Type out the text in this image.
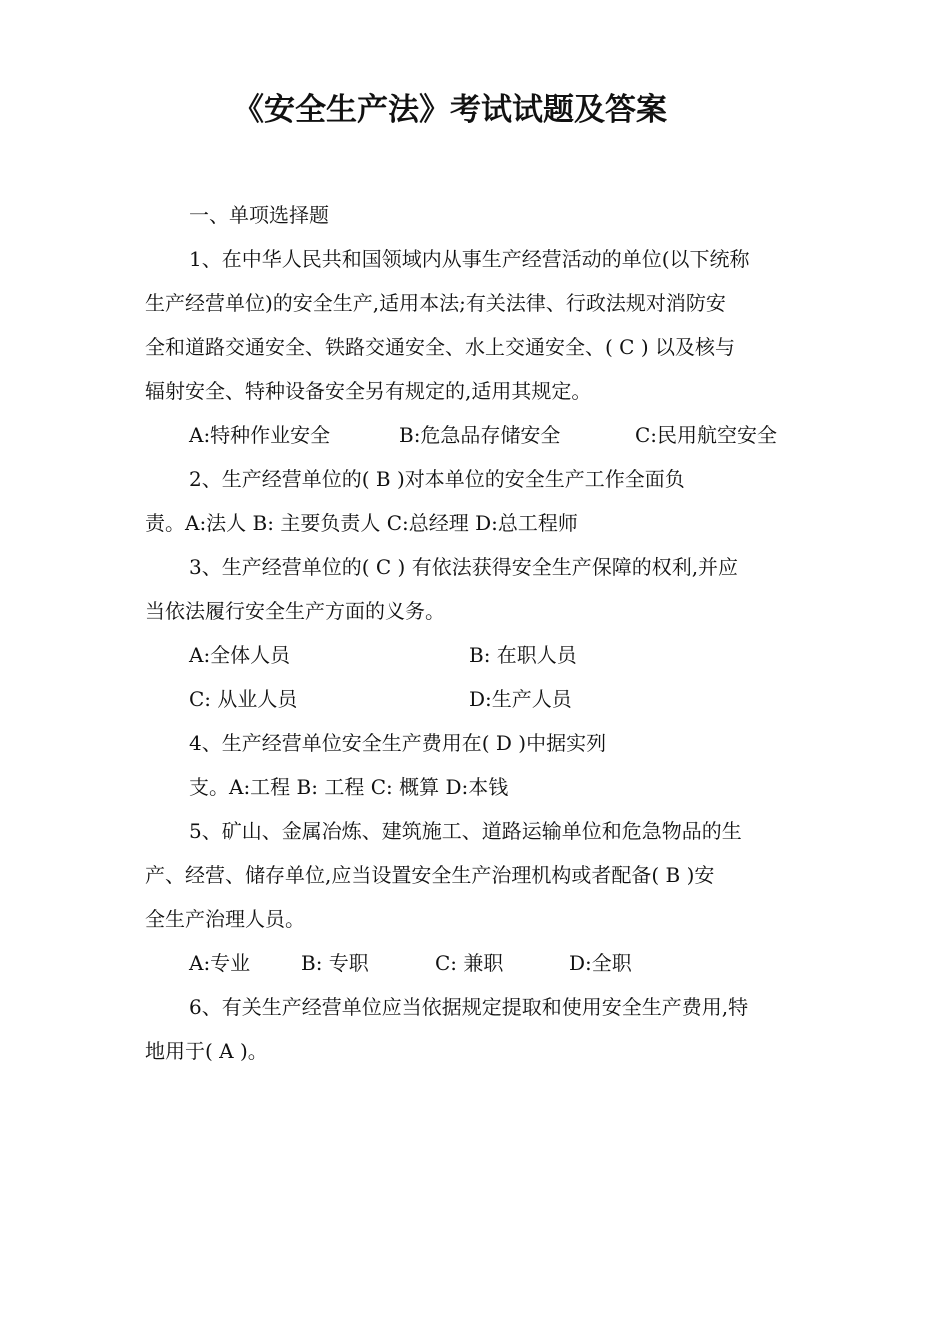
《安全生产法》考试试题及答案
一、单项选择题
1、在中华人民共和国领域内从事生产经营活动的单位(以下统称
生产经营单位)的安全生产,适用本法;有关法律、行政法规对消防安
全和道路交通安全、铁路交通安全、水上交通安全、( C ) 以及核与
辐射安全、特种设备安全另有规定的,适用其规定。
A:特种作业安全	B:危急品存储安全	C:民用航空安全
2、生产经营单位的( B )对本单位的安全生产工作全面负
责。A:法人 B: 主要负责人 C:总经理 D:总工程师
3、生产经营单位的( C ) 有依法获得安全生产保障的权利,并应
当依法履行安全生产方面的义务。
A:全体人员	B: 在职人员
C: 从业人员	D:生产人员
4、生产经营单位安全生产费用在( D )中据实列
支。A:工程 B: 工程 C: 概算 D:本钱
5、矿山、金属冶炼、建筑施工、道路运输单位和危急物品的生
产、经营、储存单位,应当设置安全生产治理机构或者配备( B )安
全生产治理人员。
A:专业	B: 专职	C: 兼职	D:全职
6、有关生产经营单位应当依据规定提取和使用安全生产费用,特
地用于( A )。
